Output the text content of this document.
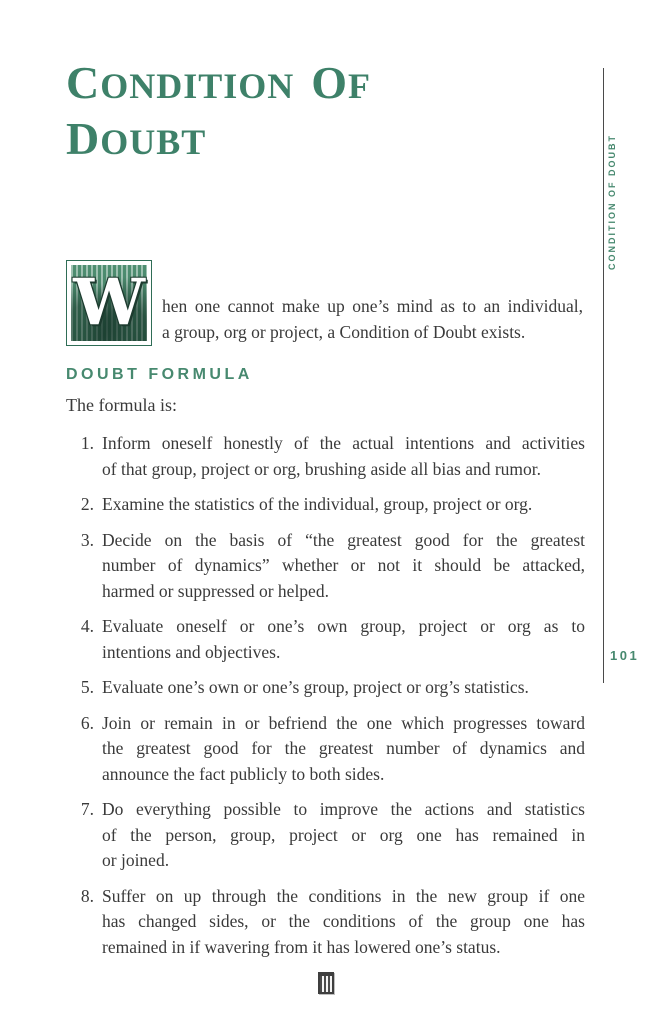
CONDITION OF
DOUBT
W hen one cannot make up one’s mind as to an individual,
a group, org or project, a Condition of Doubt exists.
DOUBT FORMULA
The formula is:
1. Inform oneself honestly of the actual intentions and activities
of that group, project or org, brushing aside all bias and rumor.
2. Examine the statistics of the individual, group, project or org.
3. Decide on the basis of “the greatest good for the greatest
number of dynamics” whether or not it should be attacked,
harmed or suppressed or helped.
4. Evaluate oneself or one’s own group, project or org as to
intentions and objectives.
5. Evaluate one’s own or one’s group, project or org’s statistics.
6. Join or remain in or befriend the one which progresses toward
the greatest good for the greatest number of dynamics and
announce the fact publicly to both sides.
7. Do everything possible to improve the actions and statistics
of the person, group, project or org one has remained in
or joined.
8. Suffer on up through the conditions in the new group if one
has changed sides, or the conditions of the group one has
remained in if wavering from it has lowered one’s status.
CONDITION OF DOUBT
101
